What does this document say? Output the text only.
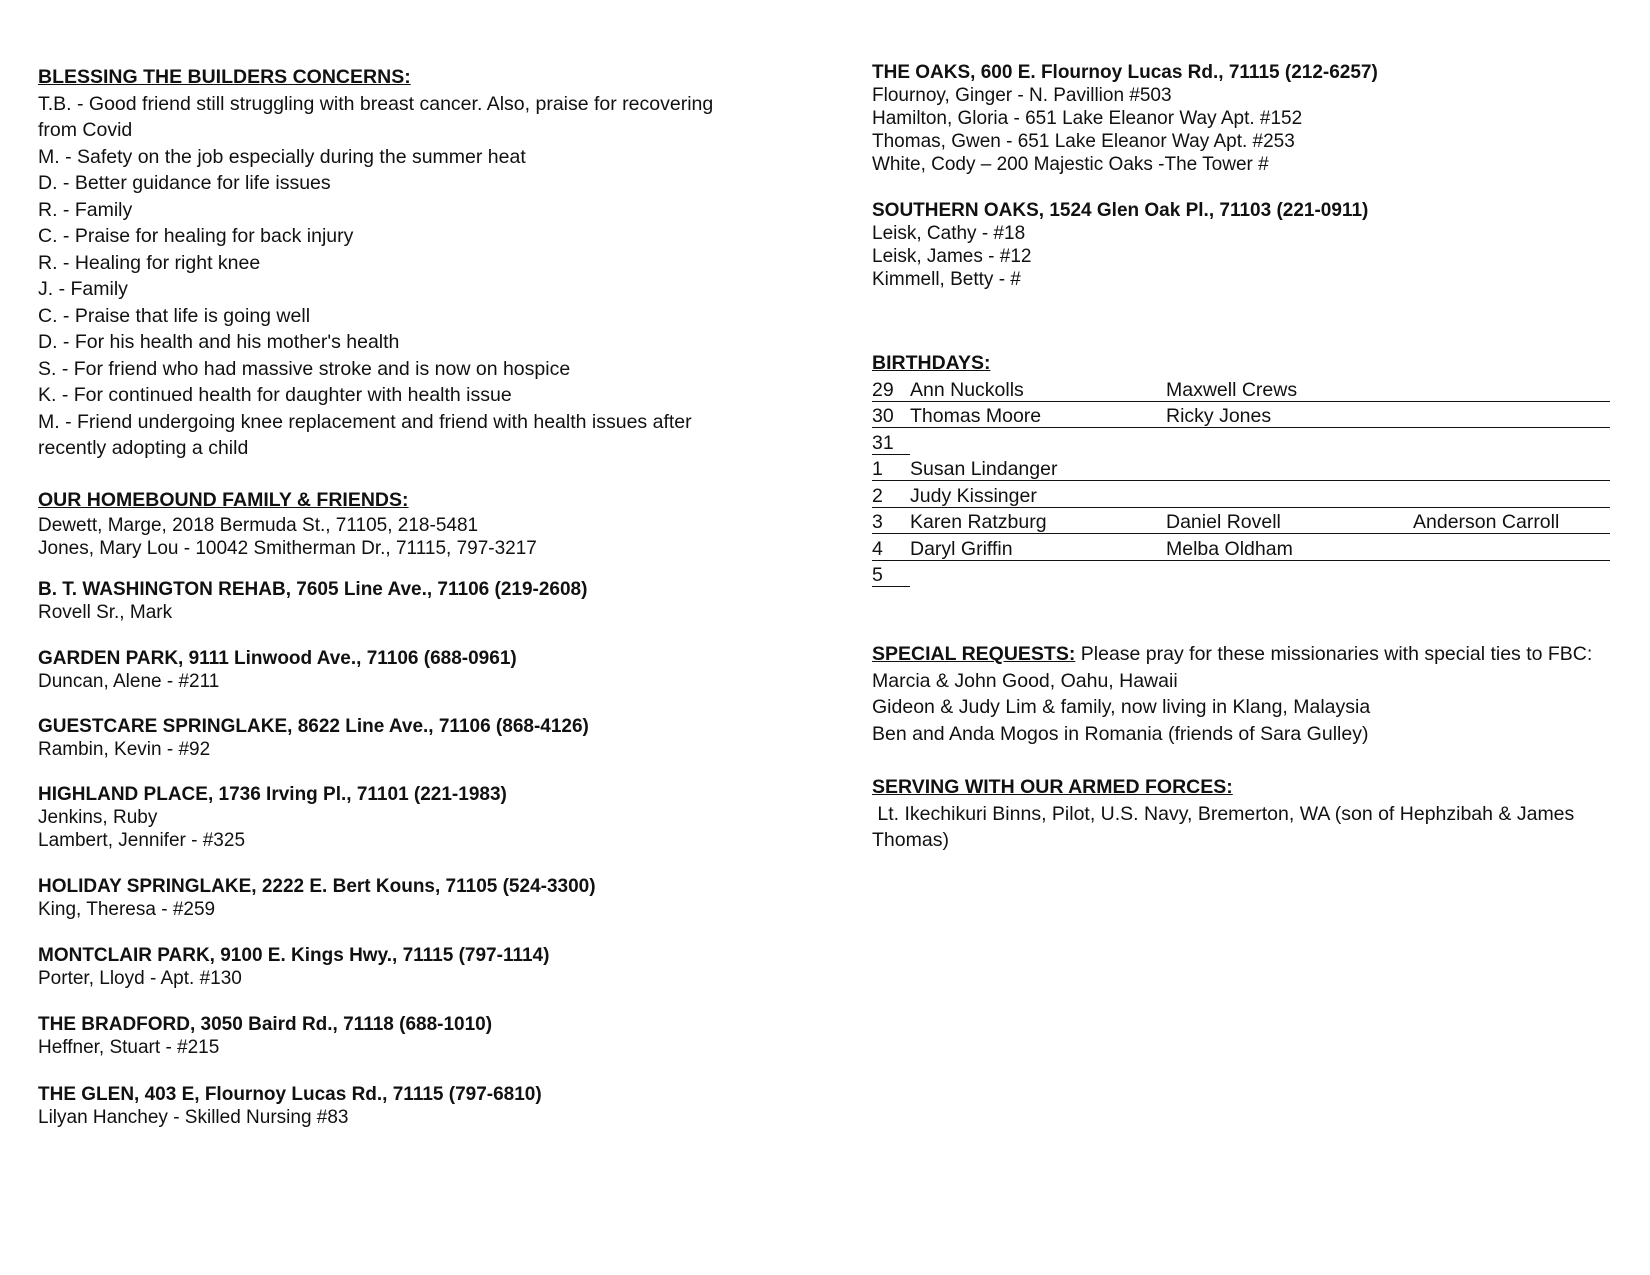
BLESSING THE BUILDERS CONCERNS:
T.B. - Good friend still struggling with breast cancer. Also, praise for recovering
from Covid
M. - Safety on the job especially during the summer heat
D. - Better guidance for life issues
R. - Family
C. - Praise for healing for back injury
R. - Healing for right knee
J. - Family
C. - Praise that life is going well
D. - For his health and his mother's health
S. - For friend who had massive stroke and is now on hospice
K. - For continued health for daughter with health issue
M. - Friend undergoing knee replacement and friend with health issues after
recently adopting a child
OUR HOMEBOUND FAMILY & FRIENDS:
Dewett, Marge, 2018 Bermuda St., 71105, 218-5481
Jones, Mary Lou - 10042 Smitherman Dr., 71115, 797-3217
B. T. WASHINGTON REHAB, 7605 Line Ave., 71106 (219-2608)
Rovell Sr., Mark
GARDEN PARK, 9111 Linwood Ave., 71106 (688-0961)
Duncan, Alene - #211
GUESTCARE SPRINGLAKE, 8622 Line Ave., 71106 (868-4126)
Rambin, Kevin - #92
HIGHLAND PLACE, 1736 Irving Pl., 71101 (221-1983)
Jenkins, Ruby
Lambert, Jennifer - #325
HOLIDAY SPRINGLAKE, 2222 E. Bert Kouns, 71105 (524-3300)
King, Theresa - #259
MONTCLAIR PARK, 9100 E. Kings Hwy., 71115 (797-1114)
Porter, Lloyd - Apt. #130
THE BRADFORD, 3050 Baird Rd., 71118 (688-1010)
Heffner, Stuart - #215
THE GLEN, 403 E, Flournoy Lucas Rd., 71115 (797-6810)
Lilyan Hanchey - Skilled Nursing #83
THE OAKS, 600 E. Flournoy Lucas Rd., 71115 (212-6257)
Flournoy, Ginger - N. Pavillion #503
Hamilton, Gloria - 651 Lake Eleanor Way Apt. #152
Thomas, Gwen - 651 Lake Eleanor Way Apt. #253
White, Cody – 200 Majestic Oaks -The Tower #
SOUTHERN OAKS, 1524 Glen Oak Pl., 71103 (221-0911)
Leisk, Cathy - #18
Leisk, James - #12
Kimmell, Betty - #
BIRTHDAYS:
29 Ann Nuckolls	Maxwell Crews
30 Thomas Moore	Ricky Jones
31
1 Susan Lindanger
2 Judy Kissinger
3 Karen Ratzburg	Daniel Rovell	Anderson Carroll
4 Daryl Griffin	Melba Oldham
5
SPECIAL REQUESTS: Please pray for these missionaries with special ties to FBC:
Marcia & John Good, Oahu, Hawaii
Gideon & Judy Lim & family, now living in Klang, Malaysia
Ben and Anda Mogos in Romania (friends of Sara Gulley)
SERVING WITH OUR ARMED FORCES:
Lt. Ikechikuri Binns, Pilot, U.S. Navy, Bremerton, WA (son of Hephzibah & James
Thomas)
